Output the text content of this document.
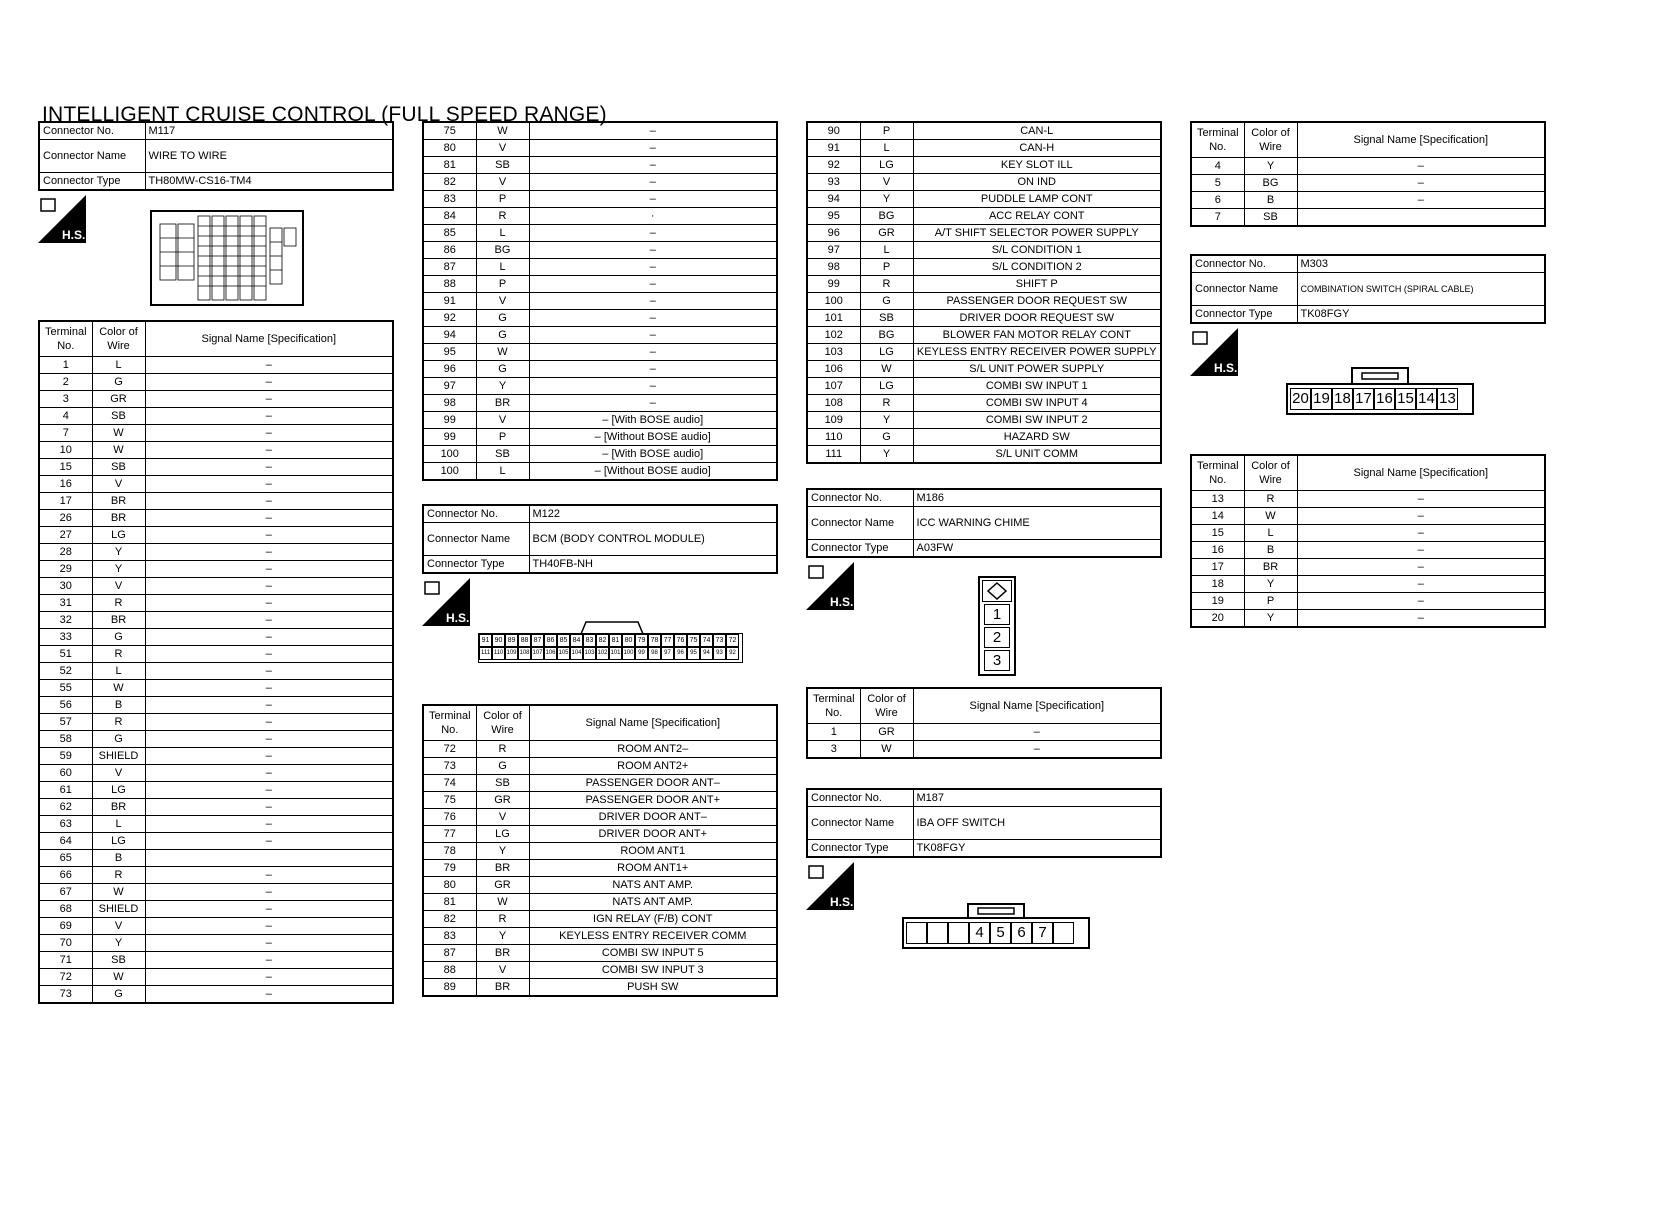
INTELLIGENT CRUISE CONTROL (FULL SPEED RANGE)
Connector No.	M117
Connector Name	WIRE TO WIRE
Connector Type	TH80MW-CS16-TM4
H.S.
Terminal No.	Color of Wire	Signal Name [Specification]
1	L	–
2	G	–
3	GR	–
4	SB	–
7	W	–
10	W	–
15	SB	–
16	V	–
17	BR	–
26	BR	–
27	LG	–
28	Y	–
29	Y	–
30	V	–
31	R	–
32	BR	–
33	G	–
51	R	–
52	L	–
55	W	–
56	B	–
57	R	–
58	G	–
59	SHIELD	–
60	V	–
61	LG	–
62	BR	–
63	L	–
64	LG	–
65	B	
66	R	–
67	W	–
68	SHIELD	–
69	V	–
70	Y	–
71	SB	–
72	W	–
73	G	–
75	W	–
80	V	–
81	SB	–
82	V	–
83	P	–
84	R	·
85	L	–
86	BG	–
87	L	–
88	P	–
91	V	–
92	G	–
94	G	–
95	W	–
96	G	–
97	Y	–
98	BR	–
99	V	– [With BOSE audio]
99	P	– [Without BOSE audio]
100	SB	– [With BOSE audio]
100	L	– [Without BOSE audio]
Connector No.	M122
Connector Name	BCM (BODY CONTROL MODULE)
Connector Type	TH40FB-NH
H.S.
91 90 89 88 87 86 85 84 83 82 81 80 79 78 77 76 75 74 73 72
111 110 109 108 107 106 105 104 103 102 101 100 99	98	97	96	95	94	93	92
Terminal No.	Color of Wire	Signal Name [Specification]
72	R	ROOM ANT2–
73	G	ROOM ANT2+
74	SB	PASSENGER DOOR ANT–
75	GR	PASSENGER DOOR ANT+
76	V	DRIVER DOOR ANT–
77	LG	DRIVER DOOR ANT+
78	Y	ROOM ANT1
79	BR	ROOM ANT1+
80	GR	NATS ANT AMP.
81	W	NATS ANT AMP.
82	R	IGN RELAY (F/B) CONT
83	Y	KEYLESS ENTRY RECEIVER COMM
87	BR	COMBI SW INPUT 5
88	V	COMBI SW INPUT 3
89	BR	PUSH SW
90	P	CAN-L
91	L	CAN-H
92	LG	KEY SLOT ILL
93	V	ON IND
94	Y	PUDDLE LAMP CONT
95	BG	ACC RELAY CONT
96	GR	A/T SHIFT SELECTOR POWER SUPPLY
97	L	S/L CONDITION 1
98	P	S/L CONDITION 2
99	R	SHIFT P
100	G	PASSENGER DOOR REQUEST SW
101	SB	DRIVER DOOR REQUEST SW
102	BG	BLOWER FAN MOTOR RELAY CONT
103	LG	KEYLESS ENTRY RECEIVER POWER SUPPLY
106	W	S/L UNIT POWER SUPPLY
107	LG	COMBI SW INPUT 1
108	R	COMBI SW INPUT 4
109	Y	COMBI SW INPUT 2
110	G	HAZARD SW
111	Y	S/L UNIT COMM
Connector No.	M186
Connector Name	ICC WARNING CHIME
Connector Type	A03FW
H.S.
1
2
3
Terminal No.	Color of Wire	Signal Name [Specification]
1	GR	–
3	W	–
Connector No.	M187
Connector Name	IBA OFF SWITCH
Connector Type	TK08FGY
H.S.
4 5 6 7
Terminal No.	Color of Wire	Signal Name [Specification]
4	Y	–
5	BG	–
6	B	–
7	SB	
Connector No.	M303
Connector Name	COMBINATION SWITCH (SPIRAL CABLE)
Connector Type	TK08FGY
H.S.
20 19 18 17 16 15 14 13
Terminal No.	Color of Wire	Signal Name [Specification]
13	R	–
14	W	–
15	L	–
16	B	–
17	BR	–
18	Y	–
19	P	–
20	Y	–
